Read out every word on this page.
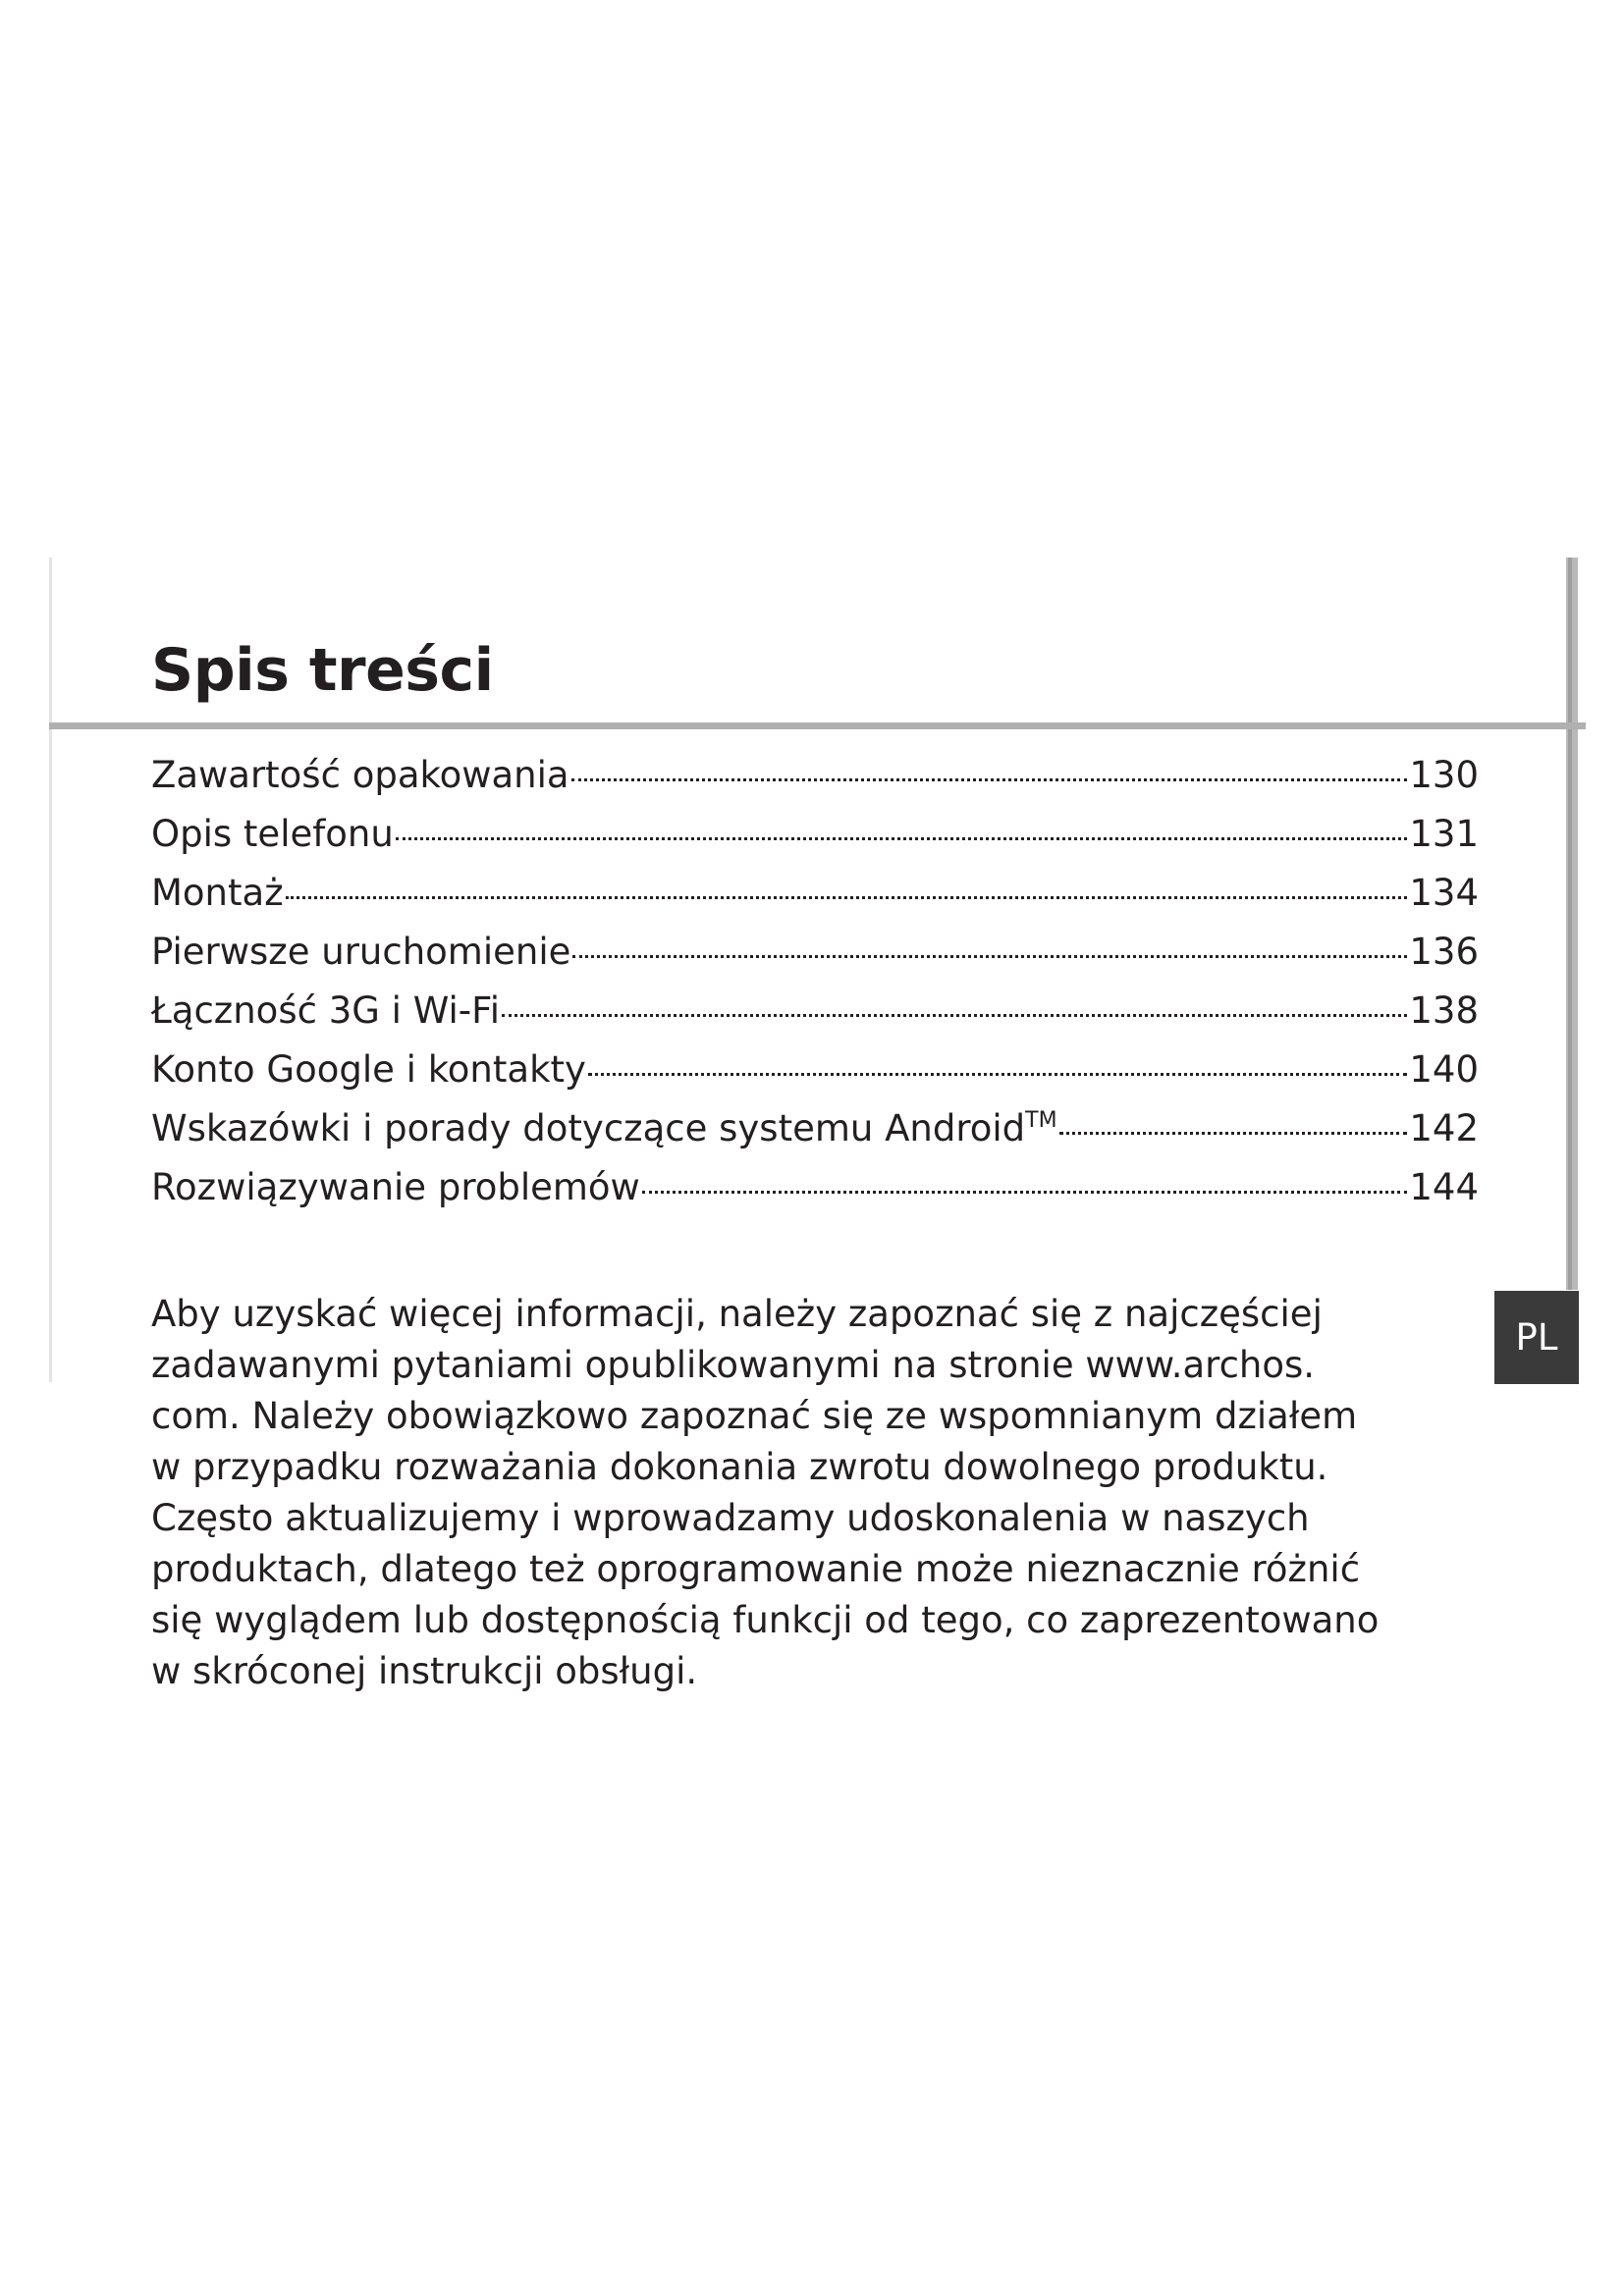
Spis treści
Zawartość opakowania	130
Opis telefonu	131
Montaż	134
Pierwsze uruchomienie	136
Łączność 3G i Wi-Fi	138
Konto Google i kontakty	140
Wskazówki i porady dotyczące systemu Android™	142
Rozwiązywanie problemów	144

Aby uzyskać więcej informacji, należy zapoznać się z najczęściej
zadawanymi pytaniami opublikowanymi na stronie www.archos.
com. Należy obowiązkowo zapoznać się ze wspomnianym działem
w przypadku rozważania dokonania zwrotu dowolnego produktu.
Często aktualizujemy i wprowadzamy udoskonalenia w naszych
produktach, dlatego też oprogramowanie może nieznacznie różnić
się wyglądem lub dostępnością funkcji od tego, co zaprezentowano
w skróconej instrukcji obsługi.

PL
